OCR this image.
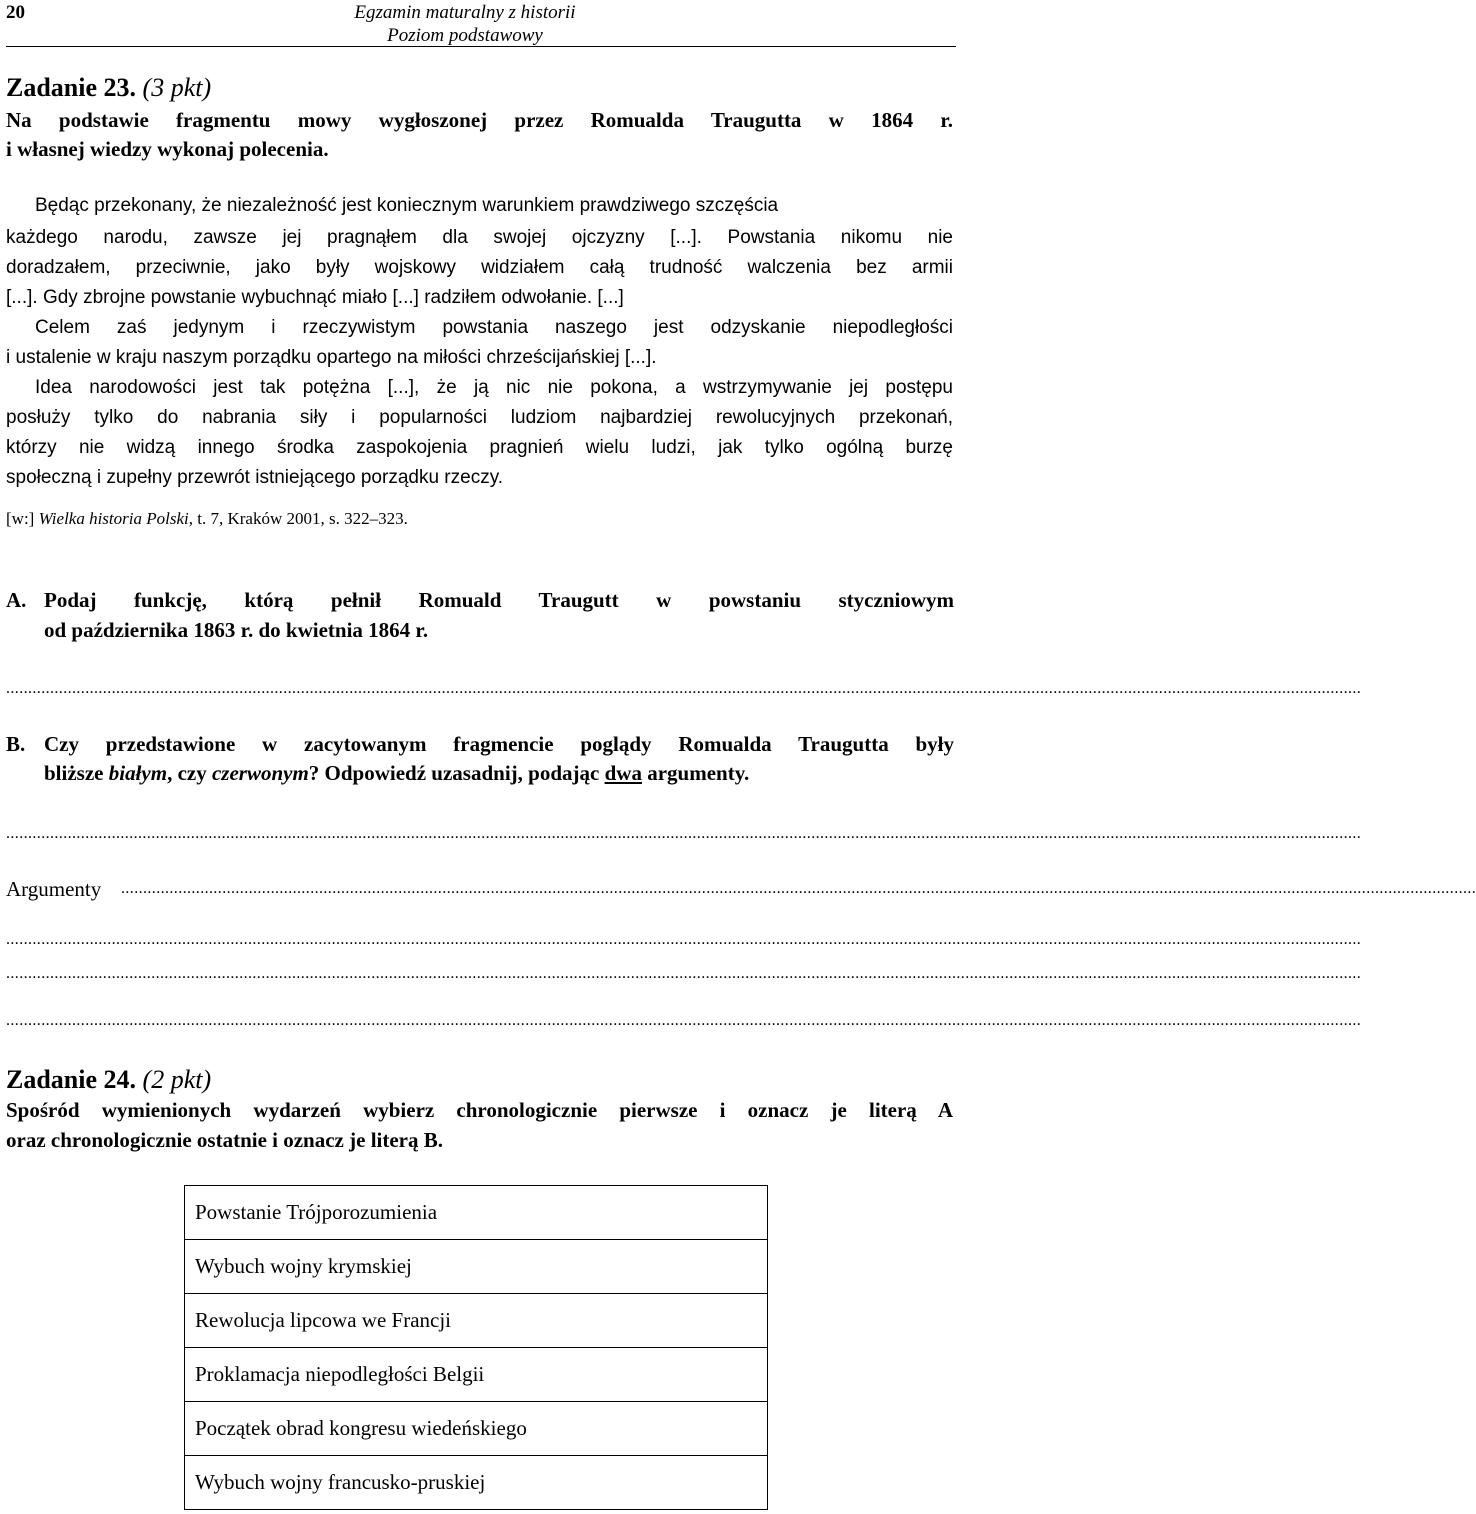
20	Egzamin maturalny z historii
Poziom podstawowy
Zadanie 23. (3 pkt)
Na podstawie fragmentu mowy wygłoszonej przez Romualda Traugutta w 1864 r.
i własnej wiedzy wykonaj polecenia.
Będąc przekonany, że niezależność jest koniecznym warunkiem prawdziwego szczęścia
każdego narodu, zawsze jej pragnąłem dla swojej ojczyzny [...]. Powstania nikomu nie
doradzałem, przeciwnie, jako były wojskowy widziałem całą trudność walczenia bez armii
[...]. Gdy zbrojne powstanie wybuchnąć miało [...] radziłem odwołanie. [...]
Celem zaś jedynym i rzeczywistym powstania naszego jest odzyskanie niepodległości
i ustalenie w kraju naszym porządku opartego na miłości chrześcijańskiej [...].
Idea narodowości jest tak potężna [...], że ją nic nie pokona, a wstrzymywanie jej postępu
posłuży tylko do nabrania siły i popularności ludziom najbardziej rewolucyjnych przekonań,
którzy nie widzą innego środka zaspokojenia pragnień wielu ludzi, jak tylko ogólną burzę
społeczną i zupełny przewrót istniejącego porządku rzeczy.
[w:] Wielka historia Polski, t. 7, Kraków 2001, s. 322–323.
A. Podaj funkcję, którą pełnił Romuald Traugutt w powstaniu styczniowym
od października 1863 r. do kwietnia 1864 r.
....................................................................................................................................................................................................................................................................................................................
B. Czy przedstawione w zacytowanym fragmencie poglądy Romualda Traugutta były
bliższe białym, czy czerwonym? Odpowiedź uzasadnij, podając dwa argumenty.
....................................................................................................................................................................................................................................................................................................................
Argumenty ....................................................................................................................................................................................................................................................................................................................
....................................................................................................................................................................................................................................................................................................................
....................................................................................................................................................................................................................................................................................................................
....................................................................................................................................................................................................................................................................................................................
Zadanie 24. (2 pkt)
Spośród wymienionych wydarzeń wybierz chronologicznie pierwsze i oznacz je literą A
oraz chronologicznie ostatnie i oznacz je literą B.
Powstanie Trójporozumienia
Wybuch wojny krymskiej
Rewolucja lipcowa we Francji
Proklamacja niepodległości Belgii
Początek obrad kongresu wiedeńskiego
Wybuch wojny francusko-pruskiej
